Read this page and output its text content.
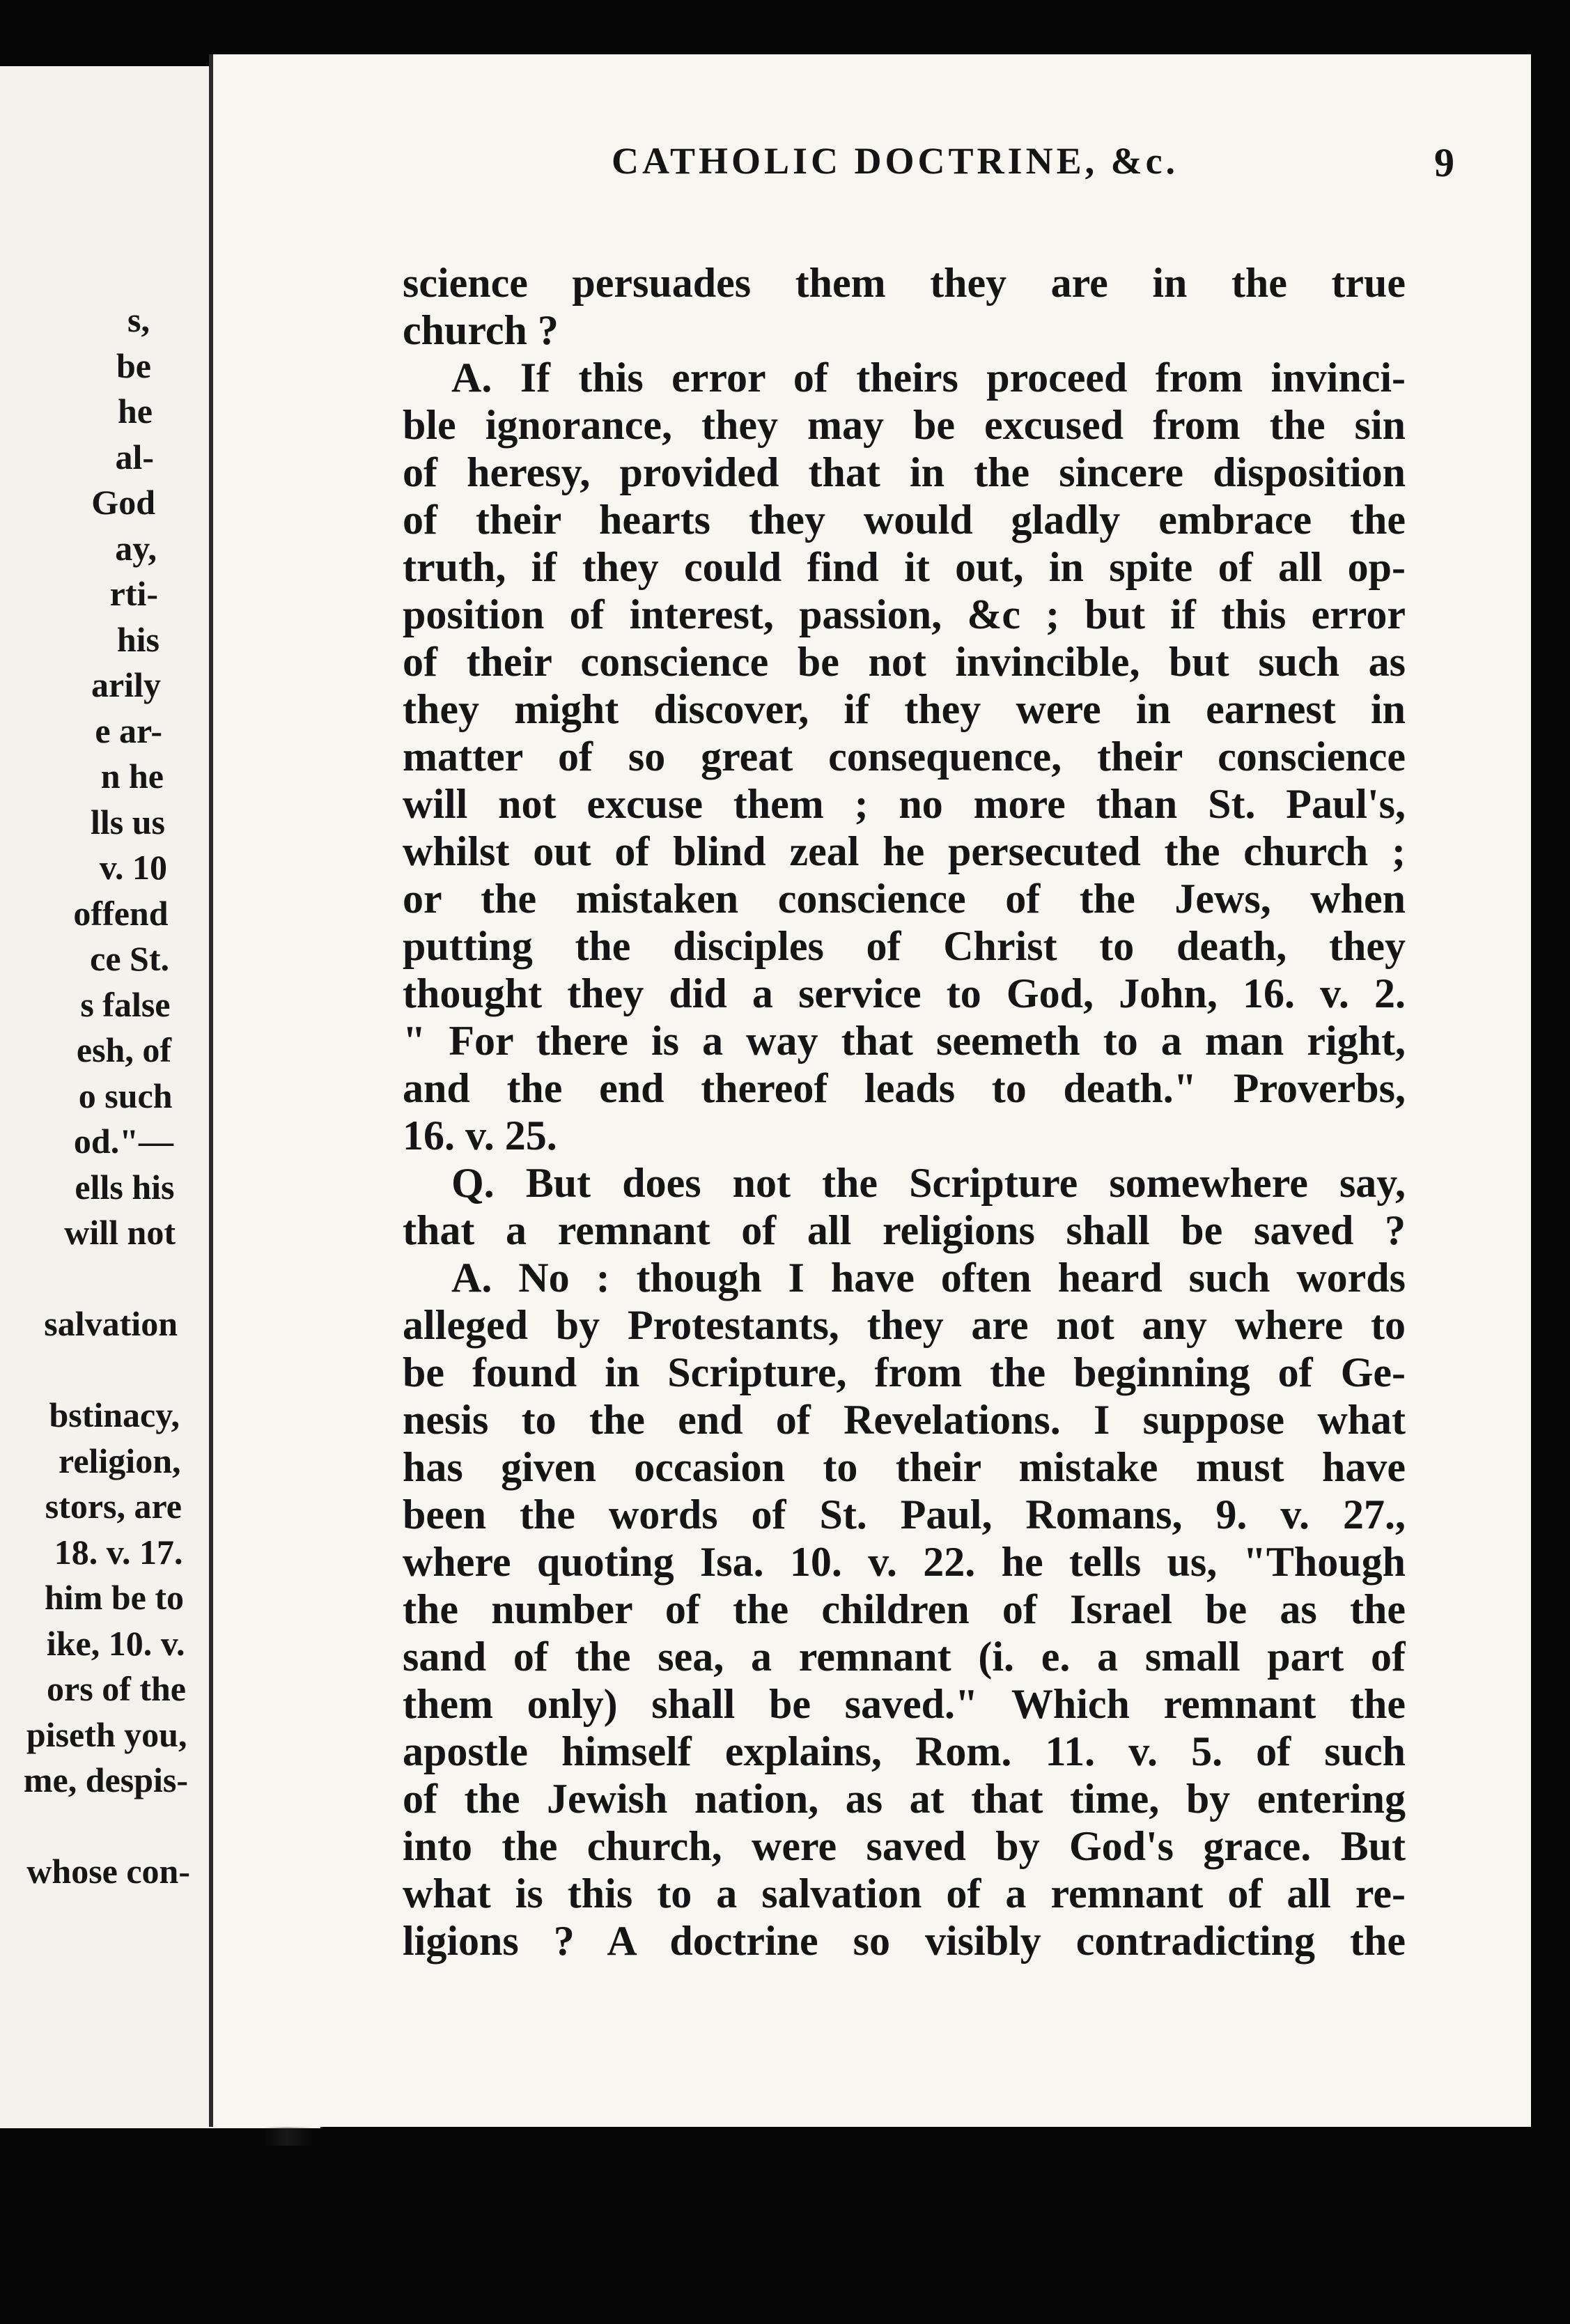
s,
be
he
al-
God
ay,
rti-
his
arily
e ar-
n he
lls us
v. 10
offend
ce St.
s false
esh, of
o such
od."—
ells his
will not
salvation
bstinacy,
religion,
stors, are
18. v. 17.
him be to
ike, 10. v.
ors of the
piseth you,
me, despis-
whose con-
CATHOLIC DOCTRINE, &c.	9
science persuades them they are in the true
church ?
A. If this error of theirs proceed from invinci-
ble ignorance, they may be excused from the sin
of heresy, provided that in the sincere disposition
of their hearts they would gladly embrace the
truth, if they could find it out, in spite of all op-
position of interest, passion, &c ; but if this error
of their conscience be not invincible, but such as
they might discover, if they were in earnest in
matter of so great consequence, their conscience
will not excuse them ; no more than St. Paul's,
whilst out of blind zeal he persecuted the church ;
or the mistaken conscience of the Jews, when
putting the disciples of Christ to death, they
thought they did a service to God, John, 16. v. 2.
" For there is a way that seemeth to a man right,
and the end thereof leads to death." Proverbs,
16. v. 25.
Q. But does not the Scripture somewhere say,
that a remnant of all religions shall be saved ?
A. No : though I have often heard such words
alleged by Protestants, they are not any where to
be found in Scripture, from the beginning of Ge-
nesis to the end of Revelations. I suppose what
has given occasion to their mistake must have
been the words of St. Paul, Romans, 9. v. 27.,
where quoting Isa. 10. v. 22. he tells us, "Though
the number of the children of Israel be as the
sand of the sea, a remnant (i. e. a small part of
them only) shall be saved." Which remnant the
apostle himself explains, Rom. 11. v. 5. of such
of the Jewish nation, as at that time, by entering
into the church, were saved by God's grace. But
what is this to a salvation of a remnant of all re-
ligions ? A doctrine so visibly contradicting the
